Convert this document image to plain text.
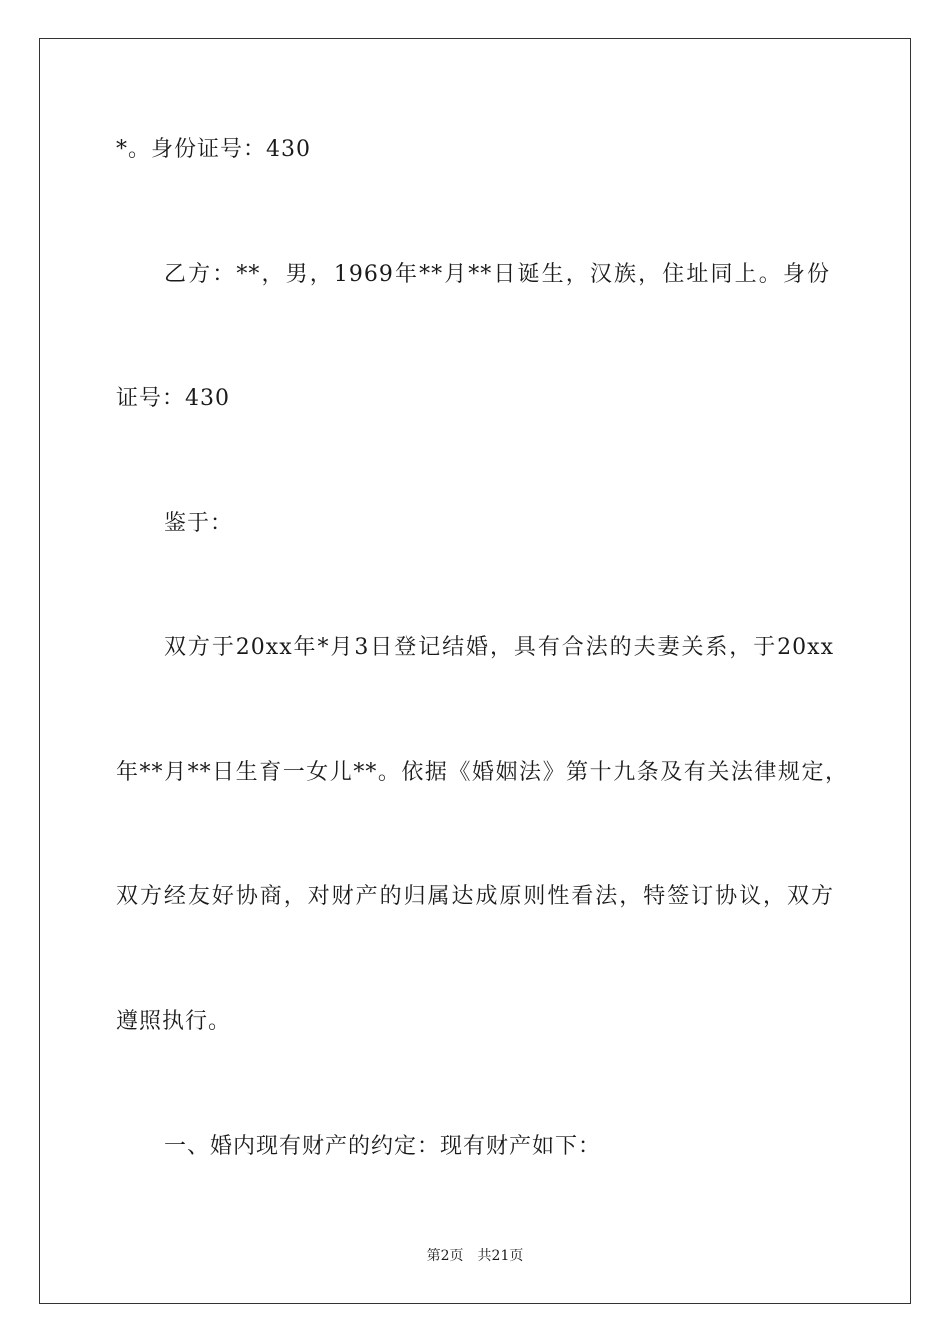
*。身份证号：430
乙方：**，男，1969年**月**日诞生，汉族，住址同上。身份
证号：430
鉴于：
双方于20xx年*月3日登记结婚，具有合法的夫妻关系，于20xx
年**月**日生育一女儿**。依据《婚姻法》第十九条及有关法律规定，
双方经友好协商，对财产的归属达成原则性看法，特签订协议，双方
遵照执行。
一、婚内现有财产的约定：现有财产如下：
第2页 共21页
